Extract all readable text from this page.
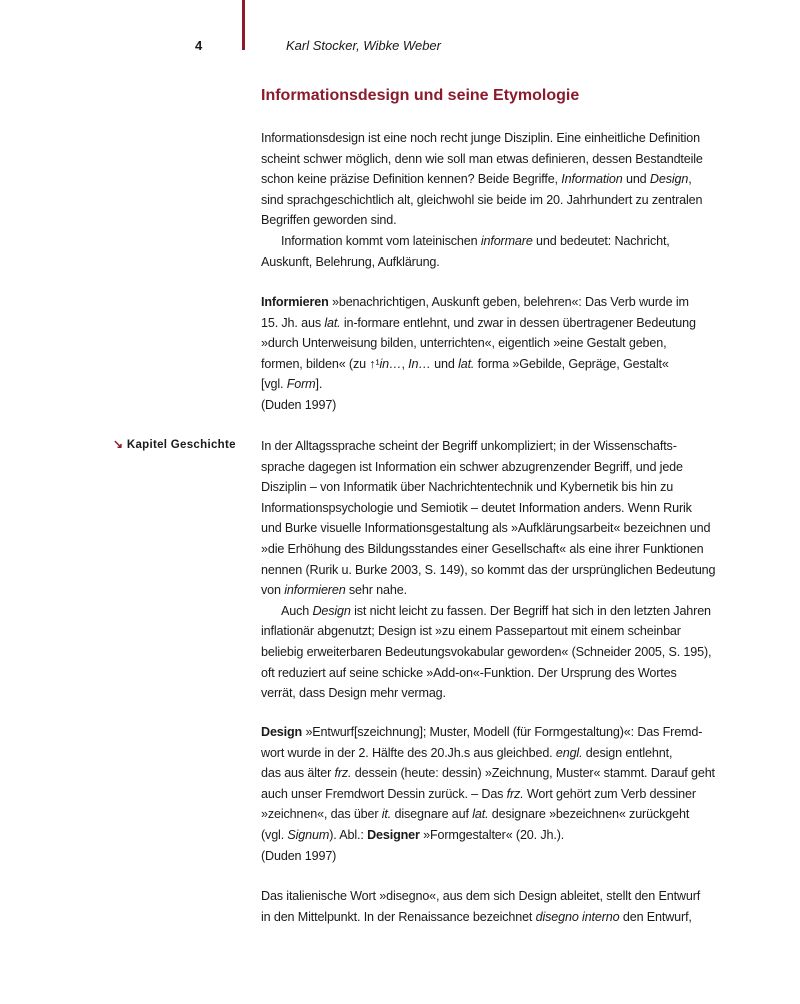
4	Karl Stocker, Wibke Weber
Informationsdesign und seine Etymologie
↘ Kapitel Geschichte
Informationsdesign ist eine noch recht junge Disziplin. Eine einheitliche Definition
scheint schwer möglich, denn wie soll man etwas definieren, dessen Bestandteile
schon keine präzise Definition kennen? Beide Begriffe, Information und Design,
sind sprachgeschichtlich alt, gleichwohl sie beide im 20. Jahrhundert zu zentralen
Begriffen geworden sind.
Information kommt vom lateinischen informare und bedeutet: Nachricht,
Auskunft, Belehrung, Aufklärung.
Informieren »benachrichtigen, Auskunft geben, belehren«: Das Verb wurde im
15. Jh. aus lat. in-formare entlehnt, und zwar in dessen übertragener Bedeutung
»durch Unterweisung bilden, unterrichten«, eigentlich »eine Gestalt geben,
formen, bilden« (zu ↑¹in…, In… und lat. forma »Gebilde, Gepräge, Gestalt«
[vgl. Form].
(Duden 1997)
In der Alltagssprache scheint der Begriff unkompliziert; in der Wissenschafts-
sprache dagegen ist Information ein schwer abzugrenzender Begriff, und jede
Disziplin – von Informatik über Nachrichtentechnik und Kybernetik bis hin zu
Informationspsychologie und Semiotik – deutet Information anders. Wenn Rurik
und Burke visuelle Informationsgestaltung als »Aufklärungsarbeit« bezeichnen und
»die Erhöhung des Bildungsstandes einer Gesellschaft« als eine ihrer Funktionen
nennen (Rurik u. Burke 2003, S. 149), so kommt das der ursprünglichen Bedeutung
von informieren sehr nahe.
Auch Design ist nicht leicht zu fassen. Der Begriff hat sich in den letzten Jahren
inflationär abgenutzt; Design ist »zu einem Passepartout mit einem scheinbar
beliebig erweiterbaren Bedeutungsvokabular geworden« (Schneider 2005, S. 195),
oft reduziert auf seine schicke »Add-on«-Funktion. Der Ursprung des Wortes
verrät, dass Design mehr vermag.
Design »Entwurf[szeichnung]; Muster, Modell (für Formgestaltung)«: Das Fremd-
wort wurde in der 2. Hälfte des 20.Jh.s aus gleichbed. engl. design entlehnt,
das aus älter frz. dessein (heute: dessin) »Zeichnung, Muster« stammt. Darauf geht
auch unser Fremdwort Dessin zurück. – Das frz. Wort gehört zum Verb dessiner
»zeichnen«, das über it. disegnare auf lat. designare »bezeichnen« zurückgeht
(vgl. Signum). Abl.: Designer »Formgestalter« (20. Jh.).
(Duden 1997)
Das italienische Wort »disegno«, aus dem sich Design ableitet, stellt den Entwurf
in den Mittelpunkt. In der Renaissance bezeichnet disegno interno den Entwurf,
